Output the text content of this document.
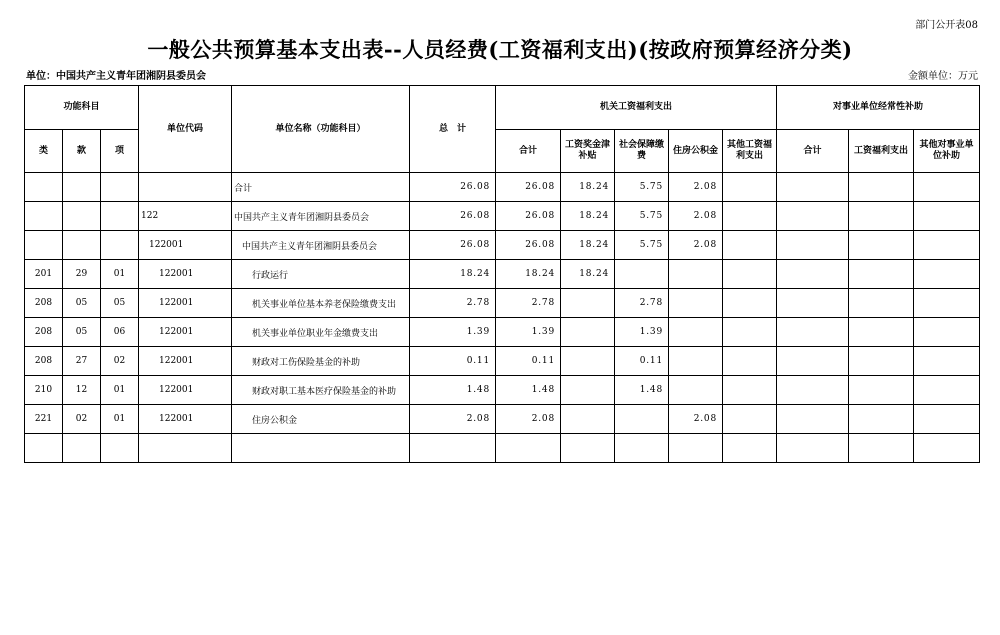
部门公开表08
一般公共预算基本支出表--人员经费(工资福利支出)(按政府预算经济分类)
单位：中国共产主义青年团湘阴县委员会	金额单位：万元
功能科目			单位代码	单位名称（功能科目）	总　计	机关工资福利支出					对事业单位经常性补助		
类	款	项				合计	工资奖金津补贴	社会保障缴费	住房公积金	其他工资福利支出	合计	工资福利支出	其他对事业单位补助
				合计	26.08	26.08	18.24	5.75	2.08				
			122	中国共产主义青年团湘阴县委员会	26.08	26.08	18.24	5.75	2.08				
			122001	中国共产主义青年团湘阴县委员会	26.08	26.08	18.24	5.75	2.08				
201	29	01	122001	行政运行	18.24	18.24	18.24						
208	05	05	122001	机关事业单位基本养老保险缴费支出	2.78	2.78		2.78					
208	05	06	122001	机关事业单位职业年金缴费支出	1.39	1.39		1.39					
208	27	02	122001	财政对工伤保险基金的补助	0.11	0.11		0.11					
210	12	01	122001	财政对职工基本医疗保险基金的补助	1.48	1.48		1.48					
221	02	01	122001	住房公积金	2.08	2.08			2.08				
